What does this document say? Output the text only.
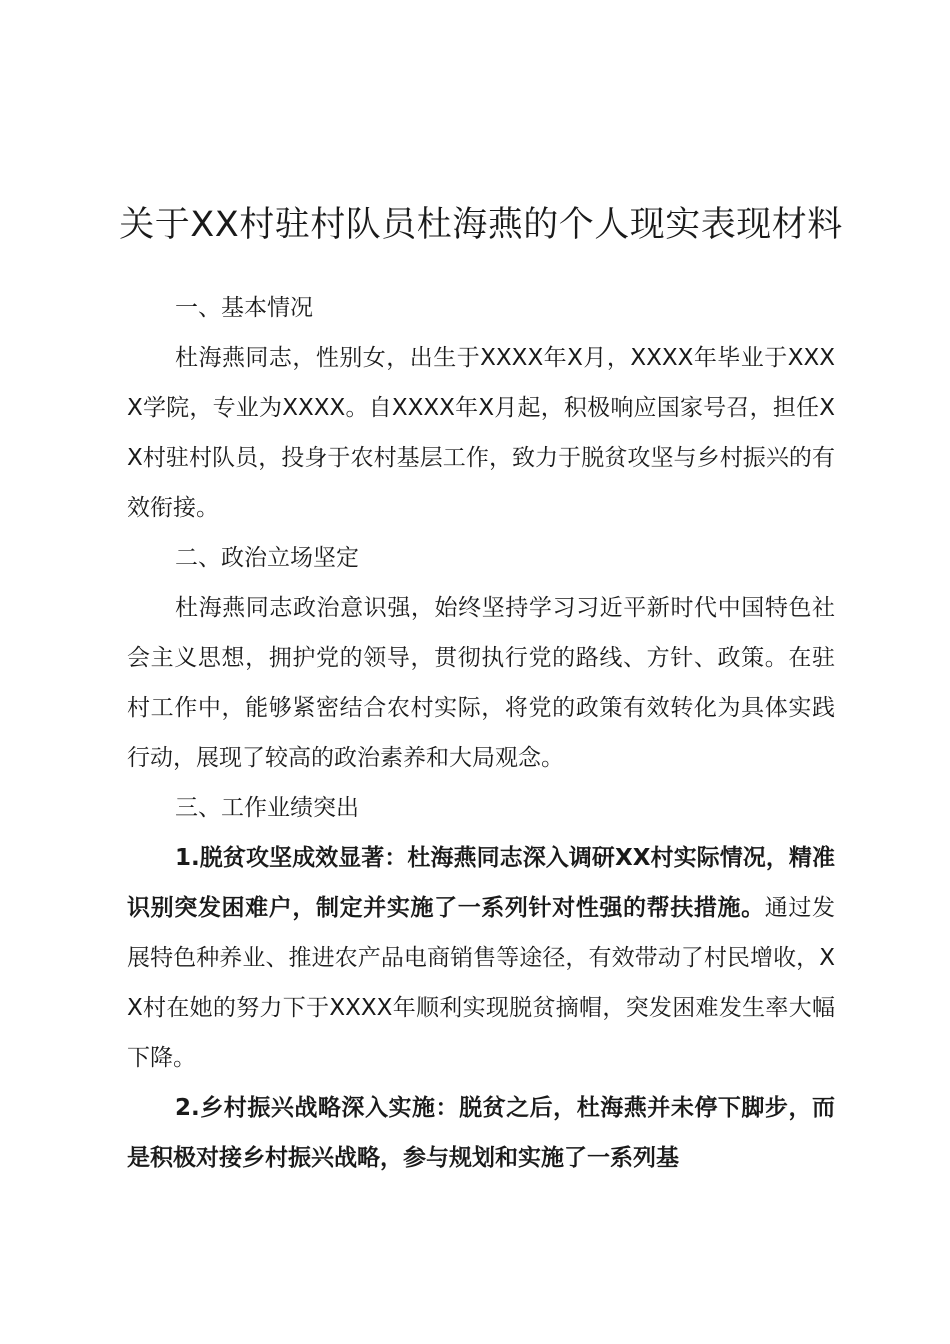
关于XX村驻村队员杜海燕的个人现实表现材料

一、基本情况

杜海燕同志，性别女，出生于XXXX年X月，XXXX年毕业于XXXX学院，专业为XXXX。自XXXX年X月起，积极响应国家号召，担任XX村驻村队员，投身于农村基层工作，致力于脱贫攻坚与乡村振兴的有效衔接。

二、政治立场坚定

杜海燕同志政治意识强，始终坚持学习习近平新时代中国特色社会主义思想，拥护党的领导，贯彻执行党的路线、方针、政策。在驻村工作中，能够紧密结合农村实际，将党的政策有效转化为具体实践行动，展现了较高的政治素养和大局观念。

三、工作业绩突出

1.脱贫攻坚成效显著：杜海燕同志深入调研XX村实际情况，精准识别突发困难户，制定并实施了一系列针对性强的帮扶措施。通过发展特色种养业、推进农产品电商销售等途径，有效带动了村民增收，XX村在她的努力下于XXXX年顺利实现脱贫摘帽，突发困难发生率大幅下降。

2.乡村振兴战略深入实施：脱贫之后，杜海燕并未停下脚步，而是积极对接乡村振兴战略，参与规划和实施了一系列基
